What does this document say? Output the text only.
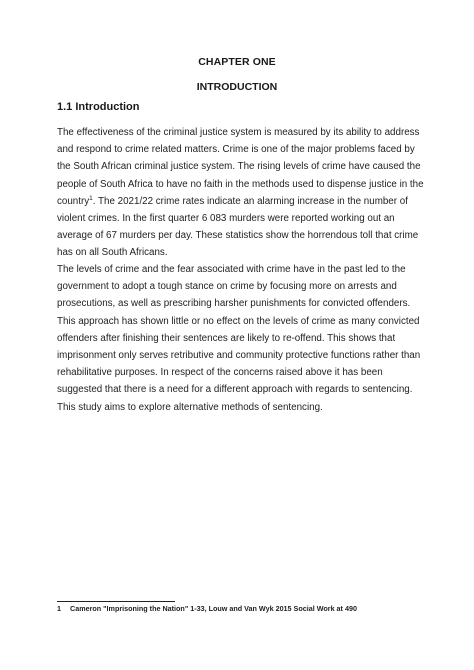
CHAPTER ONE
INTRODUCTION
1.1 Introduction
The effectiveness of the criminal justice system is measured by its ability to address
and respond to crime related matters. Crime is one of the major problems faced by
the South African criminal justice system. The rising levels of crime have caused the
people of South Africa to have no faith in the methods used to dispense justice in the
country$^1$. The 2021/22 crime rates indicate an alarming increase in the number of
violent crimes. In the first quarter 6 083 murders were reported working out an
average of 67 murders per day. These statistics show the horrendous toll that crime
has on all South Africans.
The levels of crime and the fear associated with crime have in the past led to the
government to adopt a tough stance on crime by focusing more on arrests and
prosecutions, as well as prescribing harsher punishments for convicted offenders.
This approach has shown little or no effect on the levels of crime as many convicted
offenders after finishing their sentences are likely to re-offend. This shows that
imprisonment only serves retributive and community protective functions rather than
rehabilitative purposes. In respect of the concerns raised above it has been
suggested that there is a need for a different approach with regards to sentencing.
This study aims to explore alternative methods of sentencing.
1 Cameron "Imprisoning the Nation" 1-33, Louw and Van Wyk 2015 Social Work at 490
